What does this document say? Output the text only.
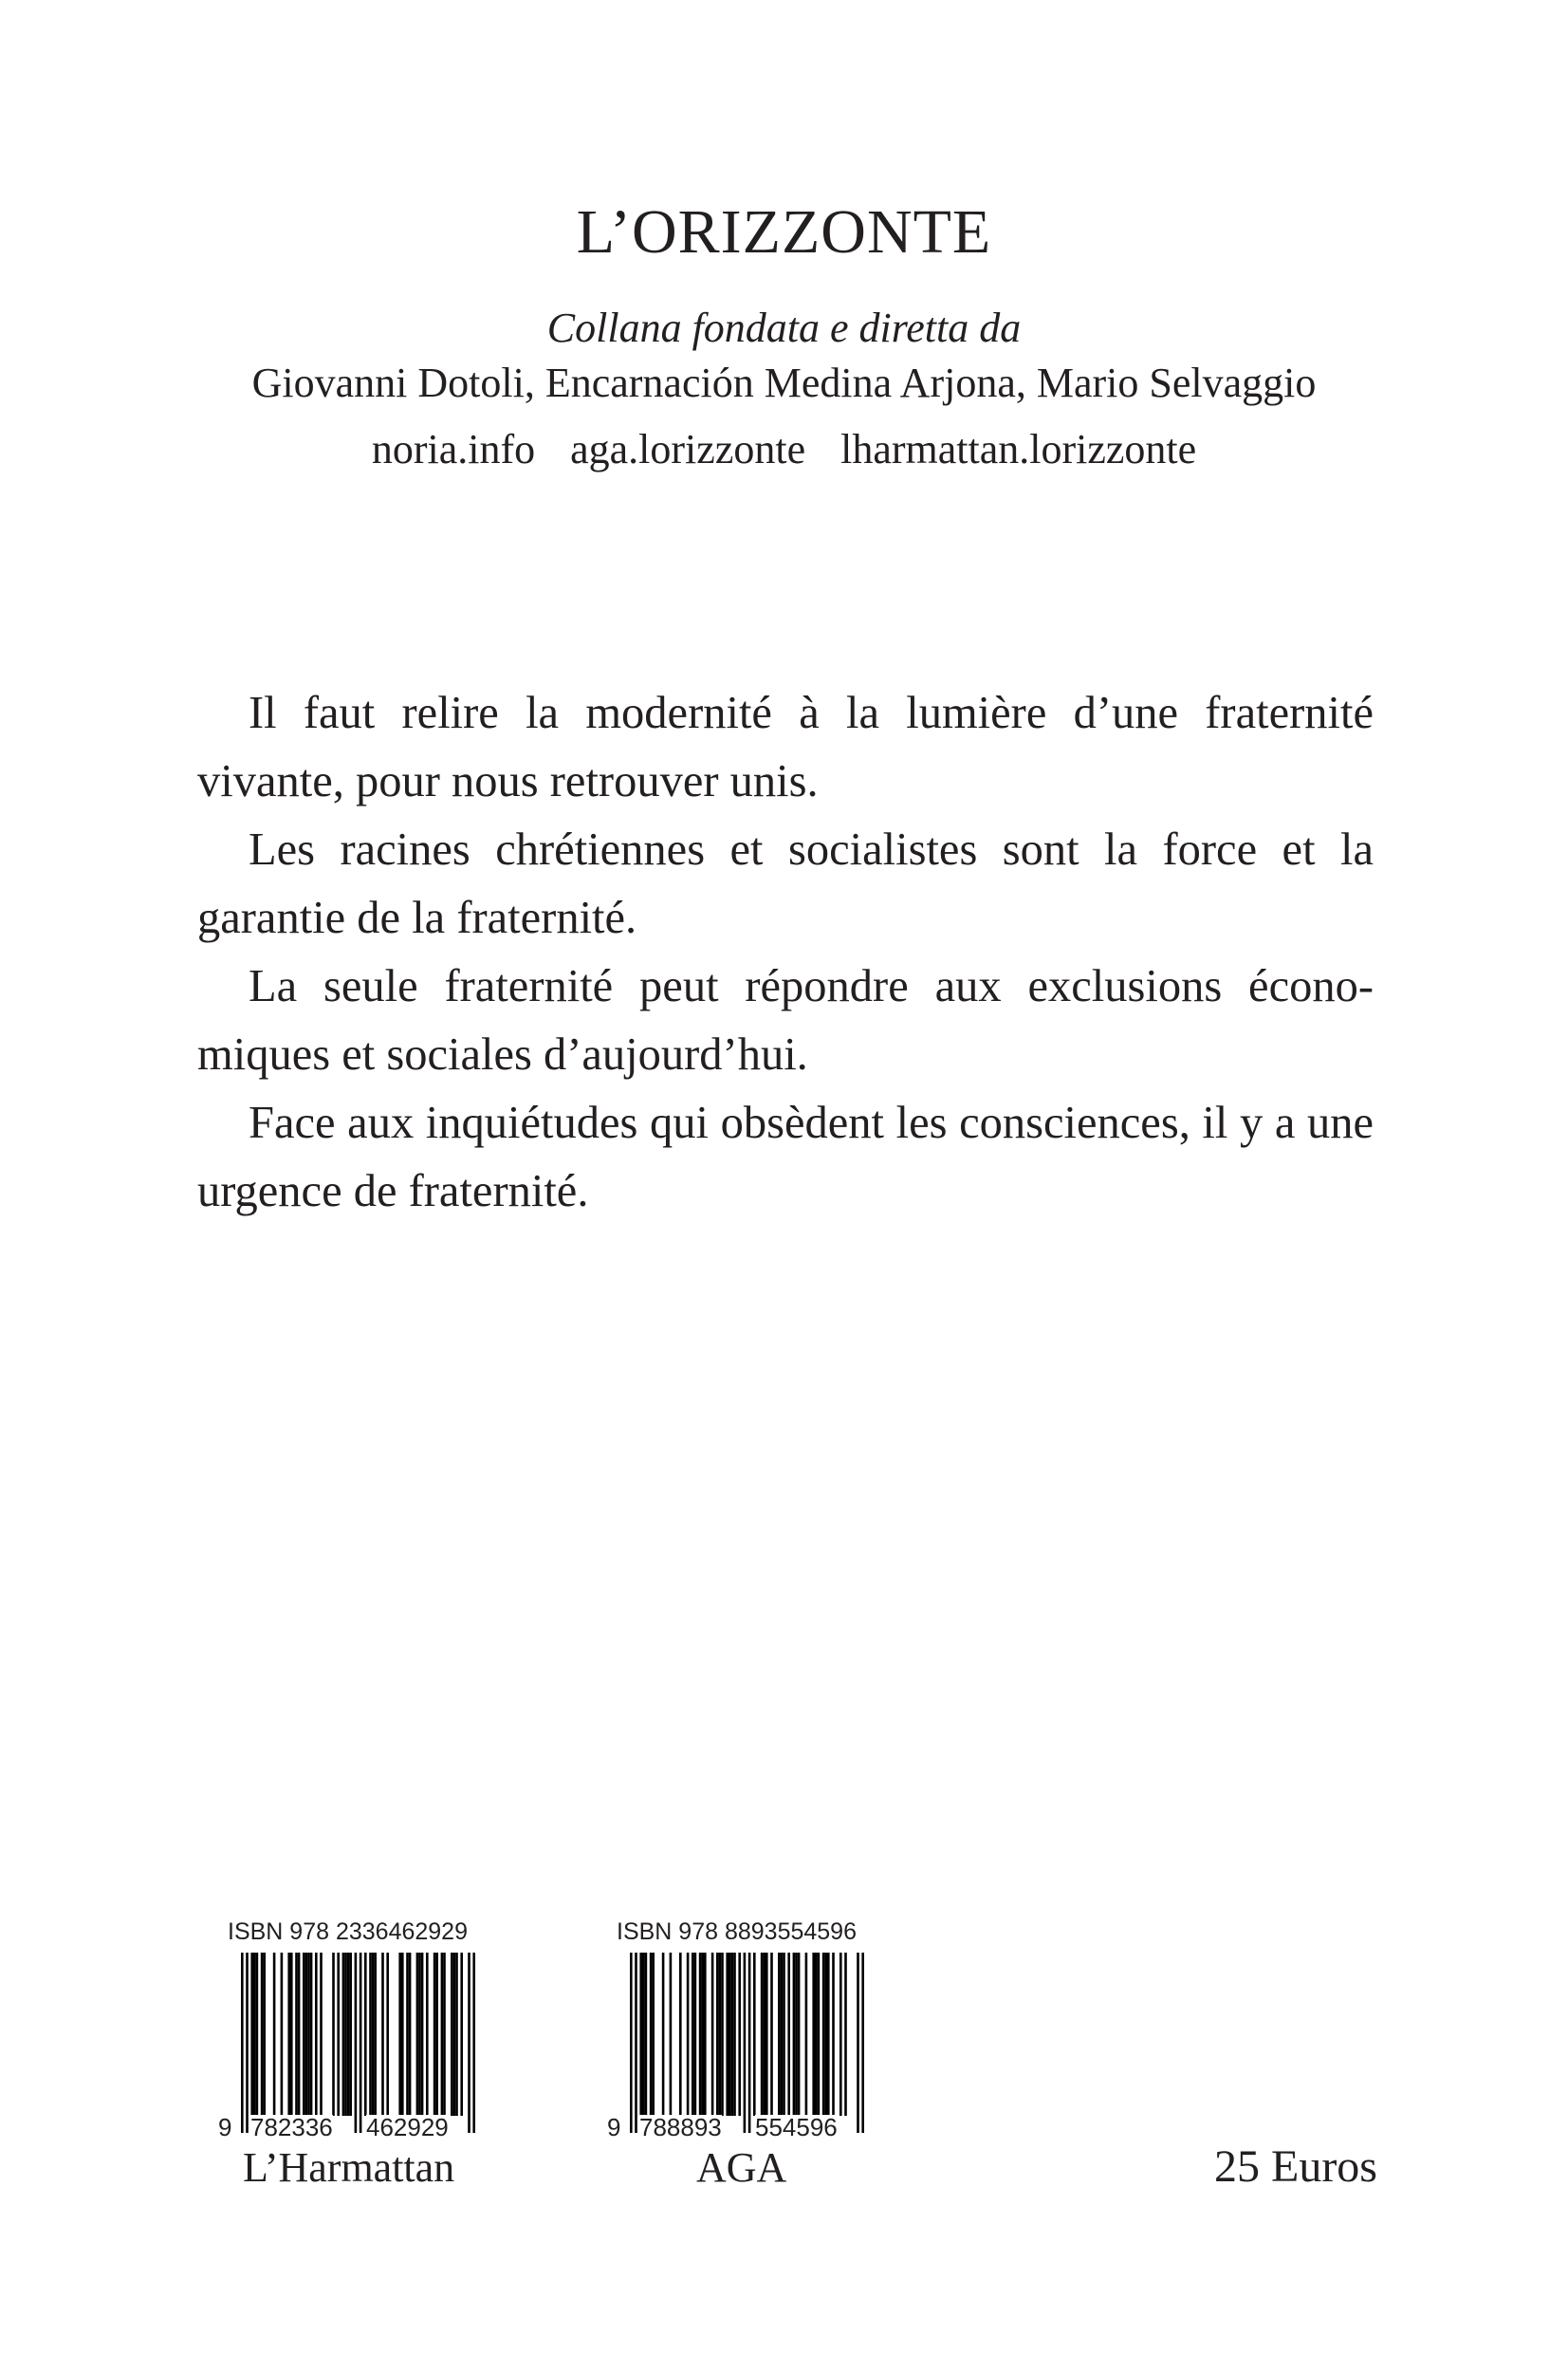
L’ORIZZONTE
Collana fondata e diretta da
Giovanni Dotoli, Encarnación Medina Arjona, Mario Selvaggio
noria.info aga.lorizzonte lharmattan.lorizzonte

Il faut relire la modernité à la lumière d’une fraternité vivante, pour nous retrouver unis.

Les racines chrétiennes et socialistes sont la force et la garantie de la fraternité.

La seule fraternité peut répondre aux exclusions économiques et sociales d’aujourd’hui.

Face aux inquiétudes qui obsèdent les consciences, il y a une urgence de fraternité.

ISBN 978 2336462929
9 782336 462929
L’Harmattan
ISBN 978 8893554596
9 788893 554596
AGA	25 Euros
